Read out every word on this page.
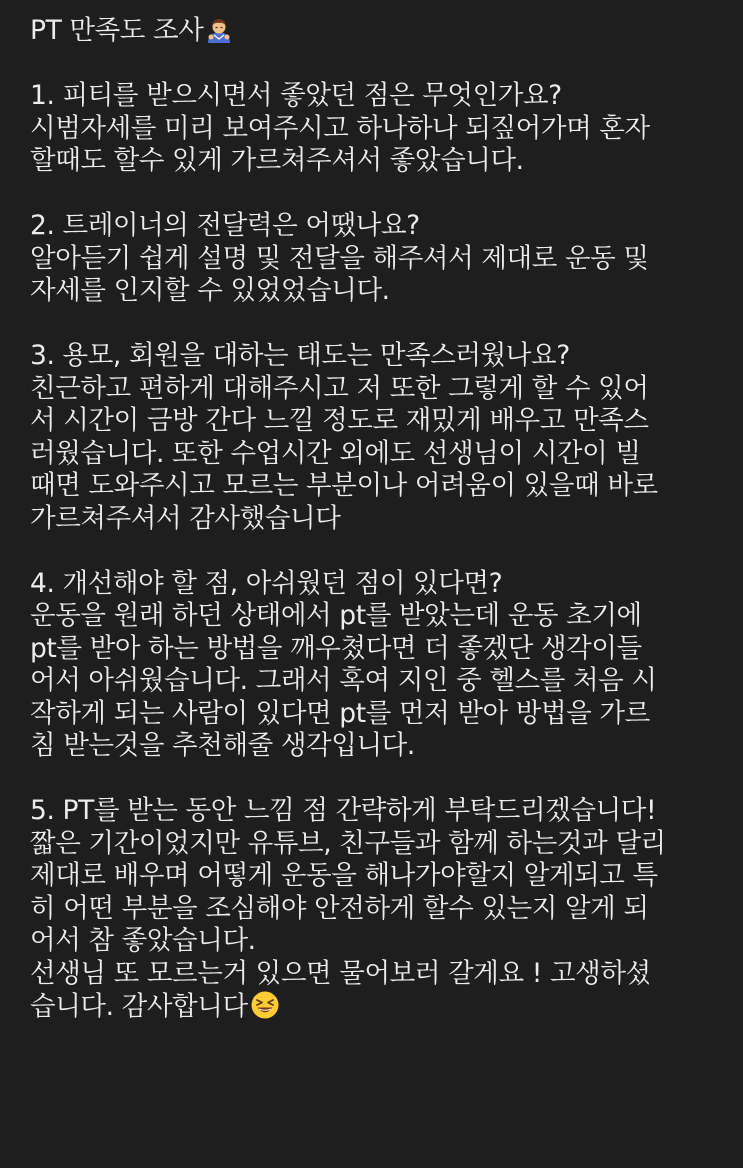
PT 만족도 조사
1. 피티를 받으시면서 좋았던 점은 무엇인가요?
시범자세를 미리 보여주시고 하나하나 되짚어가며 혼자
할때도 할수 있게 가르쳐주셔서 좋았습니다.
2. 트레이너의 전달력은 어땠나요?
알아듣기 쉽게 설명 및 전달을 해주셔서 제대로 운동 및
자세를 인지할 수 있었었습니다.
3. 용모, 회원을 대하는 태도는 만족스러웠나요?
친근하고 편하게 대해주시고 저 또한 그렇게 할 수 있어
서 시간이 금방 간다 느낄 정도로 재밌게 배우고 만족스
러웠습니다. 또한 수업시간 외에도 선생님이 시간이 빌
때면 도와주시고 모르는 부분이나 어려움이 있을때 바로
가르쳐주셔서 감사했습니다
4. 개선해야 할 점, 아쉬웠던 점이 있다면?
운동을 원래 하던 상태에서 pt를 받았는데 운동 초기에
pt를 받아 하는 방법을 깨우쳤다면 더 좋겠단 생각이들
어서 아쉬웠습니다. 그래서 혹여 지인 중 헬스를 처음 시
작하게 되는 사람이 있다면 pt를 먼저 받아 방법을 가르
침 받는것을 추천해줄 생각입니다.
5. PT를 받는 동안 느낌 점 간략하게 부탁드리겠습니다!
짧은 기간이었지만 유튜브, 친구들과 함께 하는것과 달리
제대로 배우며 어떻게 운동을 해나가야할지 알게되고 특
히 어떤 부분을 조심해야 안전하게 할수 있는지 알게 되
어서 참 좋았습니다.
선생님 또 모르는거 있으면 물어보러 갈게요 ! 고생하셨
습니다. 감사합니다
